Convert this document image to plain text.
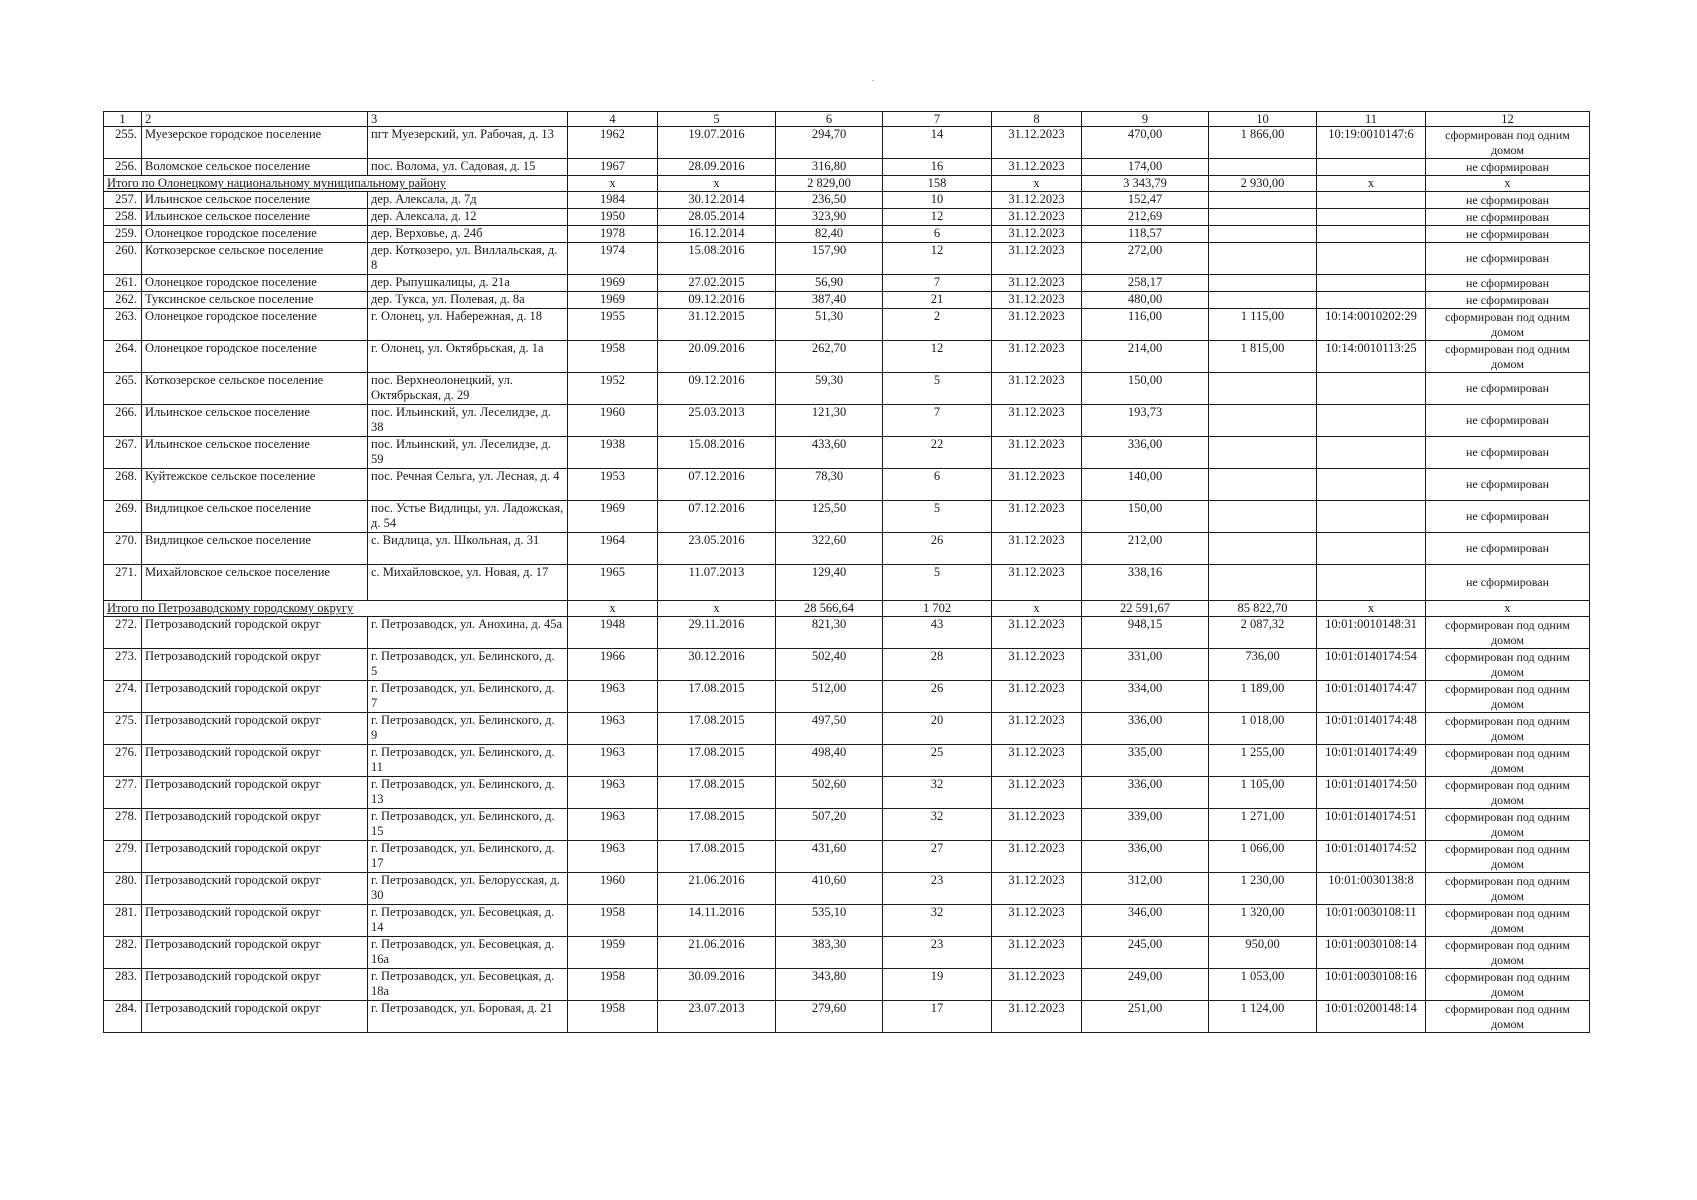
1	2	3	4	5	6	7	8	9	10	11	12
255.	Муезерское городское поселение	пгт Муезерский, ул. Рабочая, д. 13	1962	19.07.2016	294,70	14	31.12.2023	470,00	1 866,00	10:19:0010147:6	сформирован под одним домом
256.	Воломское сельское поселение	пос. Волома, ул. Садовая, д. 15	1967	28.09.2016	316,80	16	31.12.2023	174,00			не сформирован
Итого по Олонецкому национальному муниципальному району			x	x	2 829,00	158	x	3 343,79	2 930,00	x	x
257.	Ильинское сельское поселение	дер. Алексала, д. 7д	1984	30.12.2014	236,50	10	31.12.2023	152,47			не сформирован
258.	Ильинское сельское поселение	дер. Алексала, д. 12	1950	28.05.2014	323,90	12	31.12.2023	212,69			не сформирован
259.	Олонецкое городское поселение	дер. Верховье, д. 24б	1978	16.12.2014	82,40	6	31.12.2023	118,57			не сформирован
260.	Коткозерское сельское поселение	дер. Коткозеро, ул. Виллальская, д. 8	1974	15.08.2016	157,90	12	31.12.2023	272,00			не сформирован
261.	Олонецкое городское поселение	дер. Рыпушкалицы, д. 21а	1969	27.02.2015	56,90	7	31.12.2023	258,17			не сформирован
262.	Туксинское сельское поселение	дер. Тукса, ул. Полевая, д. 8а	1969	09.12.2016	387,40	21	31.12.2023	480,00			не сформирован
263.	Олонецкое городское поселение	г. Олонец, ул. Набережная, д. 18	1955	31.12.2015	51,30	2	31.12.2023	116,00	1 115,00	10:14:0010202:29	сформирован под одним домом
264.	Олонецкое городское поселение	г. Олонец, ул. Октябрьская, д. 1а	1958	20.09.2016	262,70	12	31.12.2023	214,00	1 815,00	10:14:0010113:25	сформирован под одним домом
265.	Коткозерское сельское поселение	пос. Верхнеолонецкий, ул. Октябрьская, д. 29	1952	09.12.2016	59,30	5	31.12.2023	150,00			не сформирован
266.	Ильинское сельское поселение	пос. Ильинский, ул. Леселидзе, д. 38	1960	25.03.2013	121,30	7	31.12.2023	193,73			не сформирован
267.	Ильинское сельское поселение	пос. Ильинский, ул. Леселидзе, д. 59	1938	15.08.2016	433,60	22	31.12.2023	336,00			не сформирован
268.	Куйтежское сельское поселение	пос. Речная Сельга, ул. Лесная, д. 4	1953	07.12.2016	78,30	6	31.12.2023	140,00			не сформирован
269.	Видлицкое сельское поселение	пос. Устье Видлицы, ул. Ладожская, д. 54	1969	07.12.2016	125,50	5	31.12.2023	150,00			не сформирован
270.	Видлицкое сельское поселение	с. Видлица, ул. Школьная, д. 31	1964	23.05.2016	322,60	26	31.12.2023	212,00			не сформирован
271.	Михайловское сельское поселение	с. Михайловское, ул. Новая, д. 17	1965	11.07.2013	129,40	5	31.12.2023	338,16			не сформирован
Итого по Петрозаводскому городскому округу			x	x	28 566,64	1 702	x	22 591,67	85 822,70	x	x
272.	Петрозаводский городской округ	г. Петрозаводск, ул. Анохина, д. 45а	1948	29.11.2016	821,30	43	31.12.2023	948,15	2 087,32	10:01:0010148:31	сформирован под одним домом
273.	Петрозаводский городской округ	г. Петрозаводск, ул. Белинского, д. 5	1966	30.12.2016	502,40	28	31.12.2023	331,00	736,00	10:01:0140174:54	сформирован под одним домом
274.	Петрозаводский городской округ	г. Петрозаводск, ул. Белинского, д. 7	1963	17.08.2015	512,00	26	31.12.2023	334,00	1 189,00	10:01:0140174:47	сформирован под одним домом
275.	Петрозаводский городской округ	г. Петрозаводск, ул. Белинского, д. 9	1963	17.08.2015	497,50	20	31.12.2023	336,00	1 018,00	10:01:0140174:48	сформирован под одним домом
276.	Петрозаводский городской округ	г. Петрозаводск, ул. Белинского, д. 11	1963	17.08.2015	498,40	25	31.12.2023	335,00	1 255,00	10:01:0140174:49	сформирован под одним домом
277.	Петрозаводский городской округ	г. Петрозаводск, ул. Белинского, д. 13	1963	17.08.2015	502,60	32	31.12.2023	336,00	1 105,00	10:01:0140174:50	сформирован под одним домом
278.	Петрозаводский городской округ	г. Петрозаводск, ул. Белинского, д. 15	1963	17.08.2015	507,20	32	31.12.2023	339,00	1 271,00	10:01:0140174:51	сформирован под одним домом
279.	Петрозаводский городской округ	г. Петрозаводск, ул. Белинского, д. 17	1963	17.08.2015	431,60	27	31.12.2023	336,00	1 066,00	10:01:0140174:52	сформирован под одним домом
280.	Петрозаводский городской округ	г. Петрозаводск, ул. Белорусская, д. 30	1960	21.06.2016	410,60	23	31.12.2023	312,00	1 230,00	10:01:0030138:8	сформирован под одним домом
281.	Петрозаводский городской округ	г. Петрозаводск, ул. Бесовецкая, д. 14	1958	14.11.2016	535,10	32	31.12.2023	346,00	1 320,00	10:01:0030108:11	сформирован под одним домом
282.	Петрозаводский городской округ	г. Петрозаводск, ул. Бесовецкая, д. 16а	1959	21.06.2016	383,30	23	31.12.2023	245,00	950,00	10:01:0030108:14	сформирован под одним домом
283.	Петрозаводский городской округ	г. Петрозаводск, ул. Бесовецкая, д. 18а	1958	30.09.2016	343,80	19	31.12.2023	249,00	1 053,00	10:01:0030108:16	сформирован под одним домом
284.	Петрозаводский городской округ	г. Петрозаводск, ул. Боровая, д. 21	1958	23.07.2013	279,60	17	31.12.2023	251,00	1 124,00	10:01:0200148:14	сформирован под одним домом
